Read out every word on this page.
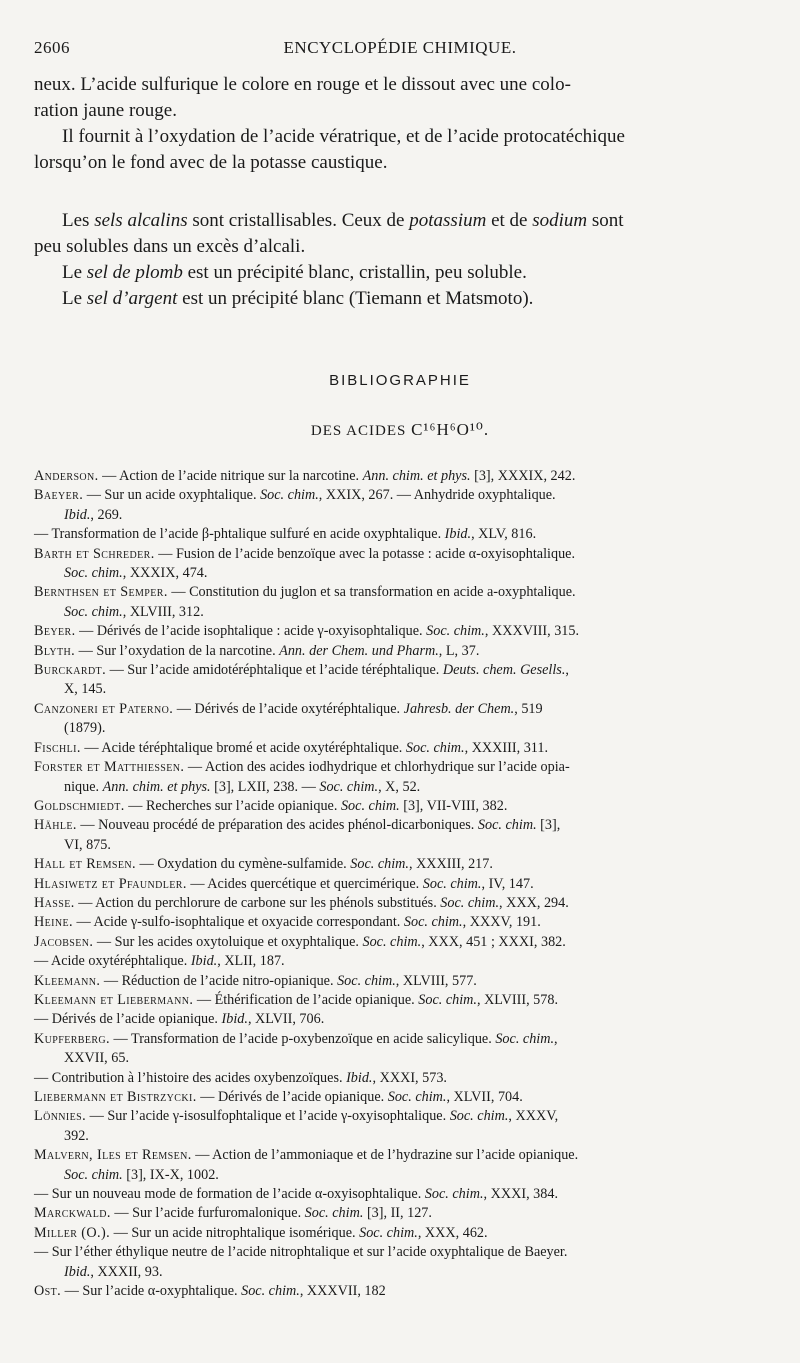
2606	ENCYCLOPÉDIE CHIMIQUE.

neux. L’acide sulfurique le colore en rouge et le dissout avec une colo-

ration jaune rouge.

Il fournit à l’oxydation de l’acide vératrique, et de l’acide protocatéchique

lorsqu’on le fond avec de la potasse caustique.

Les sels alcalins sont cristallisables. Ceux de potassium et de sodium sont

peu solubles dans un excès d’alcali.

Le sel de plomb est un précipité blanc, cristallin, peu soluble.

Le sel d’argent est un précipité blanc (Tiemann et Matsmoto).

BIBLIOGRAPHIE
DES ACIDES C¹⁶H⁶O¹⁰.

Anderson. — Action de l’acide nitrique sur la narcotine. Ann. chim. et phys. [3], XXXIX, 242.

Baeyer. — Sur un acide oxyphtalique. Soc. chim., XXIX, 267. — Anhydride oxyphtalique.
Ibid., 269.

— Transformation de l’acide β-phtalique sulfuré en acide oxyphtalique. Ibid., XLV, 816.

Barth et Schreder. — Fusion de l’acide benzoïque avec la potasse : acide α-oxyisophtalique.
Soc. chim., XXXIX, 474.

Bernthsen et Semper. — Constitution du juglon et sa transformation en acide a-oxyphtalique.
Soc. chim., XLVIII, 312.

Beyer. — Dérivés de l’acide isophtalique : acide γ-oxyisophtalique. Soc. chim., XXXVIII, 315.

Blyth. — Sur l’oxydation de la narcotine. Ann. der Chem. und Pharm., L, 37.

Burckardt. — Sur l’acide amidotéréphtalique et l’acide téréphtalique. Deuts. chem. Gesells.,
X, 145.

Canzoneri et Paterno. — Dérivés de l’acide oxytéréphtalique. Jahresb. der Chem., 519
(1879).

Fischli. — Acide téréphtalique bromé et acide oxytéréphtalique. Soc. chim., XXXIII, 311.

Forster et Matthiessen. — Action des acides iodhydrique et chlorhydrique sur l’acide opia-
nique. Ann. chim. et phys. [3], LXII, 238. — Soc. chim., X, 52.

Goldschmiedt. — Recherches sur l’acide opianique. Soc. chim. [3], VII-VIII, 382.

Hähle. — Nouveau procédé de préparation des acides phénol-dicarboniques. Soc. chim. [3],
VI, 875.

Hall et Remsen. — Oxydation du cymène-sulfamide. Soc. chim., XXXIII, 217.

Hlasiwetz et Pfaundler. — Acides quercétique et quercimérique. Soc. chim., IV, 147.

Hasse. — Action du perchlorure de carbone sur les phénols substitués. Soc. chim., XXX, 294.

Heine. — Acide γ-sulfo-isophtalique et oxyacide correspondant. Soc. chim., XXXV, 191.

Jacobsen. — Sur les acides oxytoluique et oxyphtalique. Soc. chim., XXX, 451 ; XXXI, 382.

— Acide oxytéréphtalique. Ibid., XLII, 187.

Kleemann. — Réduction de l’acide nitro-opianique. Soc. chim., XLVIII, 577.

Kleemann et Liebermann. — Éthérification de l’acide opianique. Soc. chim., XLVIII, 578.

— Dérivés de l’acide opianique. Ibid., XLVII, 706.

Kupferberg. — Transformation de l’acide p-oxybenzoïque en acide salicylique. Soc. chim.,
XXVII, 65.

— Contribution à l’histoire des acides oxybenzoïques. Ibid., XXXI, 573.

Liebermann et Bistrzycki. — Dérivés de l’acide opianique. Soc. chim., XLVII, 704.

Lönnies. — Sur l’acide γ-isosulfophtalique et l’acide γ-oxyisophtalique. Soc. chim., XXXV,
392.

Malvern, Iles et Remsen. — Action de l’ammoniaque et de l’hydrazine sur l’acide opianique.
Soc. chim. [3], IX-X, 1002.

— Sur un nouveau mode de formation de l’acide α-oxyisophtalique. Soc. chim., XXXI, 384.

Marckwald. — Sur l’acide furfuromalonique. Soc. chim. [3], II, 127.

Miller (O.). — Sur un acide nitrophtalique isomérique. Soc. chim., XXX, 462.

— Sur l’éther éthylique neutre de l’acide nitrophtalique et sur l’acide oxyphtalique de Baeyer.
Ibid., XXXII, 93.

Ost. — Sur l’acide α-oxyphtalique. Soc. chim., XXXVII, 182
